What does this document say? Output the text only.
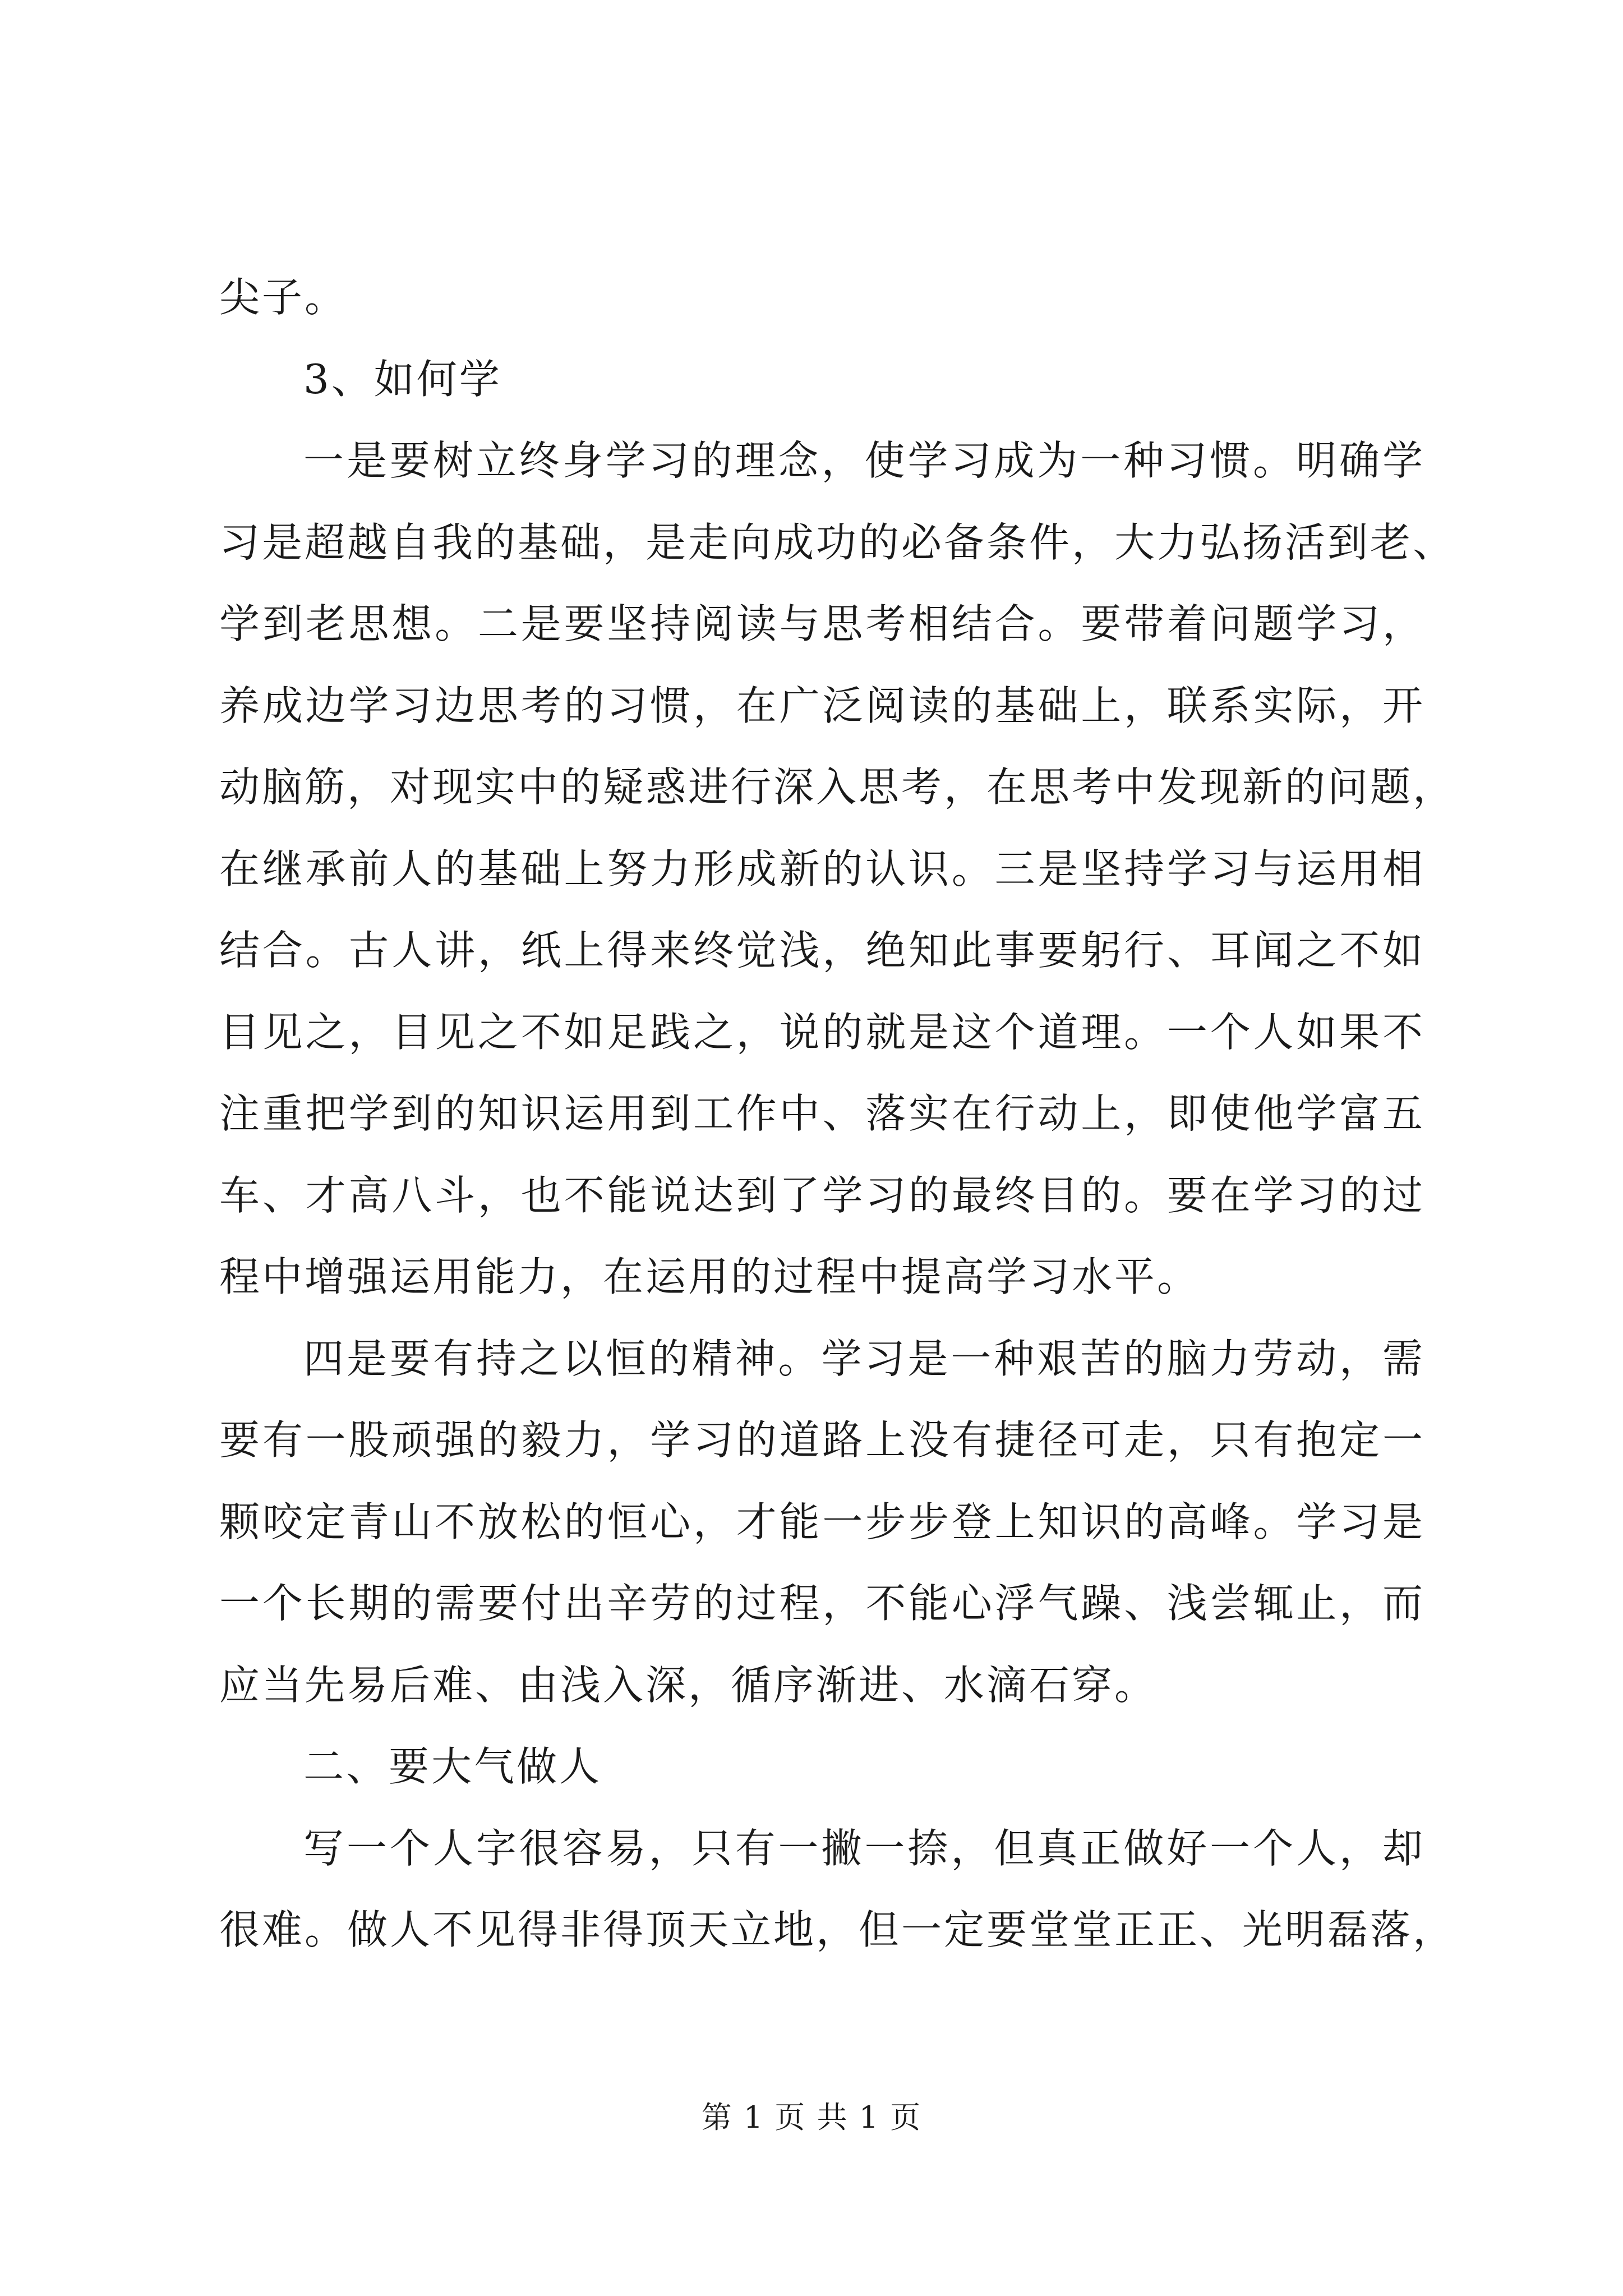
尖子。
3、如何学
一是要树立终身学习的理念，使学习成为一种习惯。明确学
习是超越自我的基础，是走向成功的必备条件，大力弘扬活到老、
学到老思想。二是要坚持阅读与思考相结合。要带着问题学习，
养成边学习边思考的习惯，在广泛阅读的基础上，联系实际，开
动脑筋，对现实中的疑惑进行深入思考，在思考中发现新的问题，
在继承前人的基础上努力形成新的认识。三是坚持学习与运用相
结合。古人讲，纸上得来终觉浅，绝知此事要躬行、耳闻之不如
目见之，目见之不如足践之，说的就是这个道理。一个人如果不
注重把学到的知识运用到工作中、落实在行动上，即使他学富五
车、才高八斗，也不能说达到了学习的最终目的。要在学习的过
程中增强运用能力，在运用的过程中提高学习水平。
四是要有持之以恒的精神。学习是一种艰苦的脑力劳动，需
要有一股顽强的毅力，学习的道路上没有捷径可走，只有抱定一
颗咬定青山不放松的恒心，才能一步步登上知识的高峰。学习是
一个长期的需要付出辛劳的过程，不能心浮气躁、浅尝辄止，而
应当先易后难、由浅入深，循序渐进、水滴石穿。
二、要大气做人
写一个人字很容易，只有一撇一捺，但真正做好一个人，却
很难。做人不见得非得顶天立地，但一定要堂堂正正、光明磊落，
第 1 页 共 1 页
